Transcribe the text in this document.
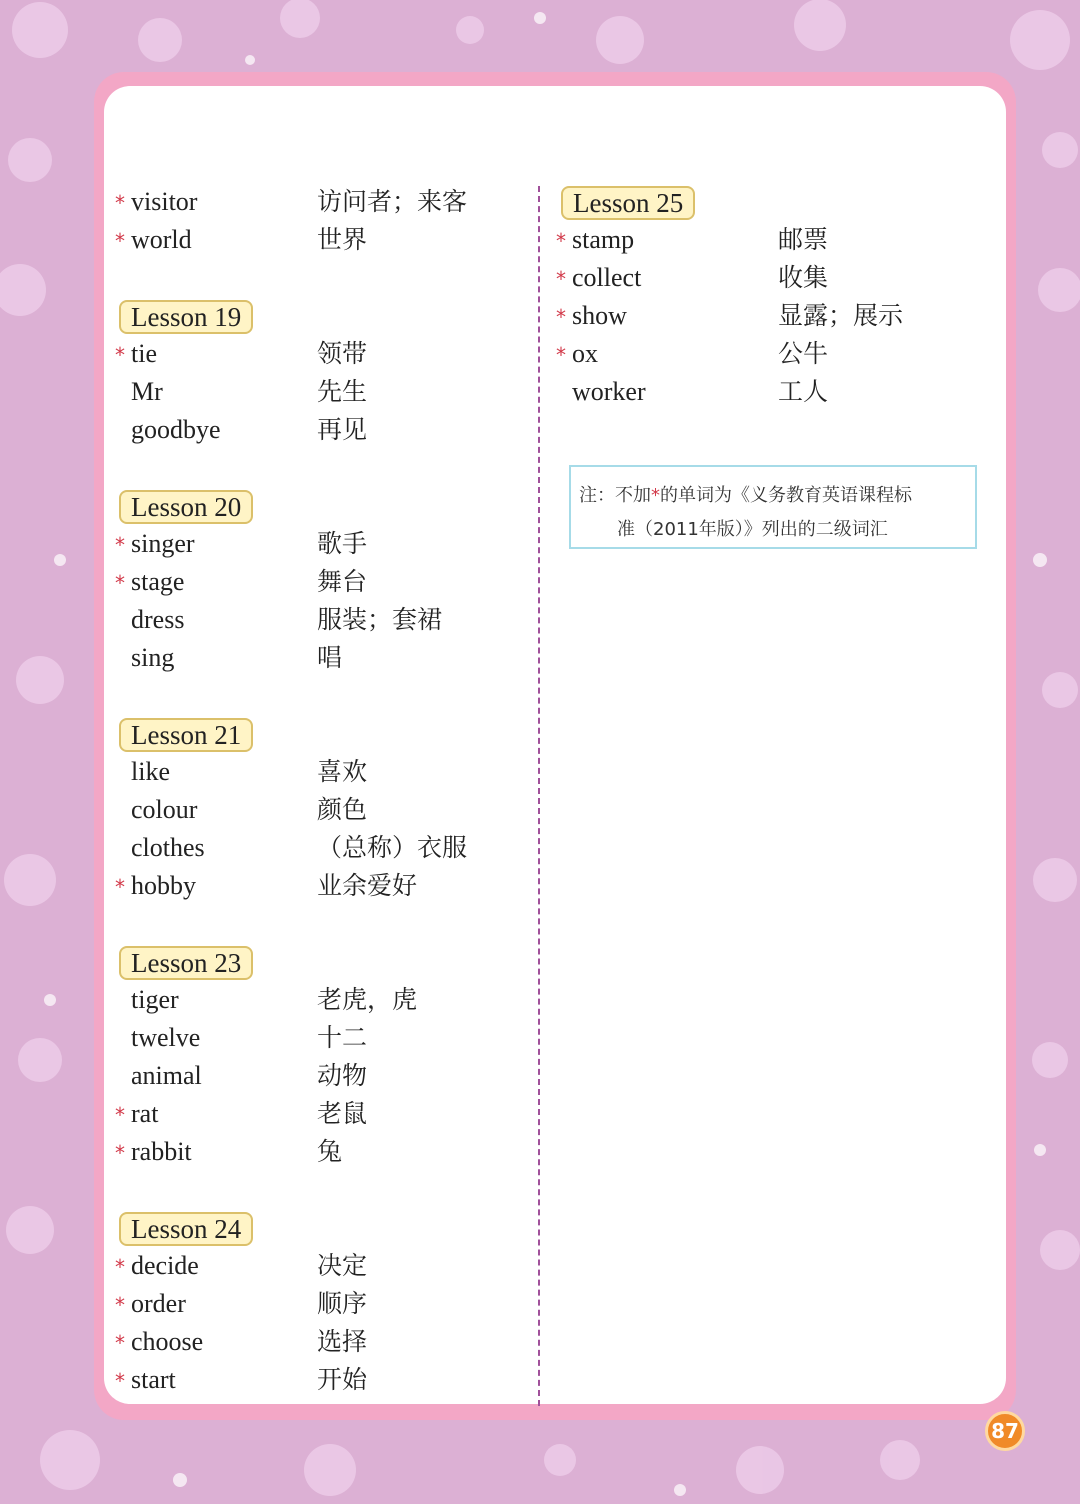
* visitor	访问者；来客
* world	世界
Lesson 19
* tie	领带
Mr	先生
goodbye	再见
Lesson 20
* singer	歌手
* stage	舞台
dress	服装；套裙
sing	唱
Lesson 21
like	喜欢
colour	颜色
clothes	（总称）衣服
* hobby	业余爱好
Lesson 23
tiger	老虎，虎
twelve	十二
animal	动物
* rat	老鼠
* rabbit	兔
Lesson 24
* decide	决定
* order	顺序
* choose	选择
* start	开始
Lesson 25
* stamp	邮票
* collect	收集
* show	显露；展示
* ox	公牛
worker	工人
注：不加*的单词为《义务教育英语课程标
准（2011年版）》列出的二级词汇
87
